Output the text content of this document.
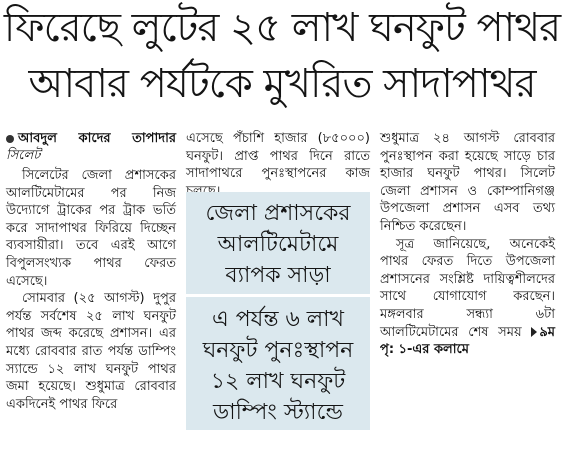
ফিরেছে লুটের ২৫ লাখ ঘনফুট পাথর
আবার পর্যটকে মুখরিত সাদাপাথর
আবদুল কাদের তাপাদার সিলেট

সিলেটের জেলা প্রশাসকের আলটিমেটামের পর নিজ উদ্যোগে ট্রাকের পর ট্রাক ভর্তি করে সাদাপাথর ফিরিয়ে দিচ্ছেন ব্যবসায়ীরা। তবে এরই আগে বিপুলসংখ্যক পাথর ফেরত এসেছে।

সোমবার (২৫ আগস্ট) দুপুর পর্যন্ত সর্বশেষ ২৫ লাখ ঘনফুট পাথর জব্দ করেছে প্রশাসন। এর মধ্যে রোববার রাত পর্যন্ত ডাম্পিং স্যান্ডে ১২ লাখ ঘনফুট পাথর জমা হয়েছে। শুধুমাত্র রোববার একদিনেই পাথর ফিরে

এসেছে পঁচাশি হাজার (৮৫০০০) ঘনফুট। প্রাপ্ত পাথর দিনে রাতে সাদাপাথরে পুনঃস্থাপনের কাজ

জেলা প্রশাসকের
আলটিমেটামে
ব্যাপক সাড়া
এ পর্যন্ত ৬ লাখ
ঘনফুট পুনঃস্থাপন
১২ লাখ ঘনফুট
ডাম্পিং স্ট্যান্ডে

শুধুমাত্র ২৪ আগস্ট রোববার পুনঃস্থাপন করা হয়েছে সাড়ে চার হাজার ঘনফুট পাথর। সিলেট জেলা প্রশাসন ও কোম্পানিগঞ্জ উপজেলা প্রশাসন এসব তথ্য নিশ্চিত করেছেন।

সূত্র জানিয়েছে, অনেকেই পাথর ফেরত দিতে উপজেলা প্রশাসনের সংশ্লিষ্ট দায়িত্বশীলদের সাথে যোগাযোগ করছেন। মঙ্গলবার সন্ধ্যা ৬টা আলটিমেটামের শেষ সময় ৯ম পৃ: ১-এর কলামে
